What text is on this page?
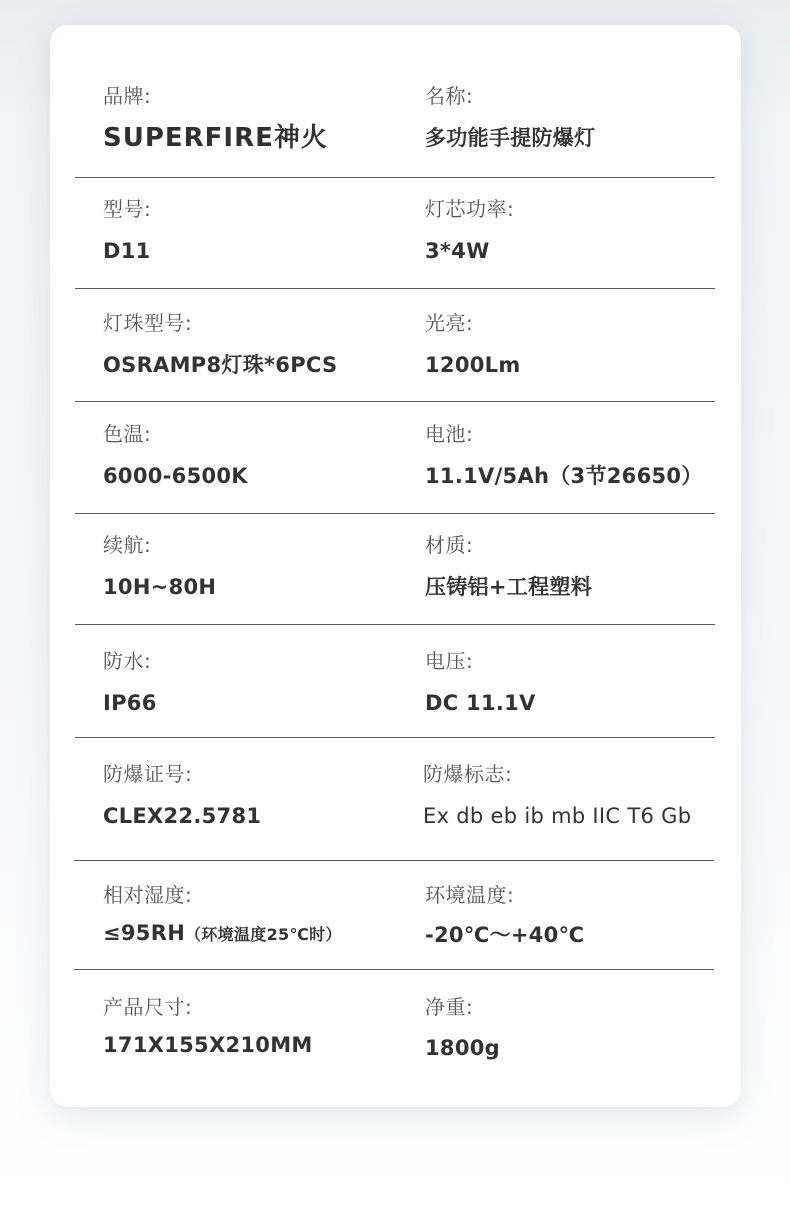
品牌:
SUPERFIRE神火
名称:
多功能手提防爆灯
型号:
D11
灯芯功率:
3*4W
灯珠型号:
OSRAMP8灯珠*6PCS
光亮:
1200Lm
色温:
6000-6500K
电池:
11.1V/5Ah（3节26650）
续航:
10H~80H
材质:
压铸铝+工程塑料
防水:
IP66
电压:
DC 11.1V
防爆证号:
CLEX22.5781
防爆标志:
Ex db eb ib mb IIC T6 Gb
相对湿度:
≤95RH（环境温度25℃时）
环境温度:
-20℃～+40℃
产品尺寸:
171X155X210MM
净重:
1800g
